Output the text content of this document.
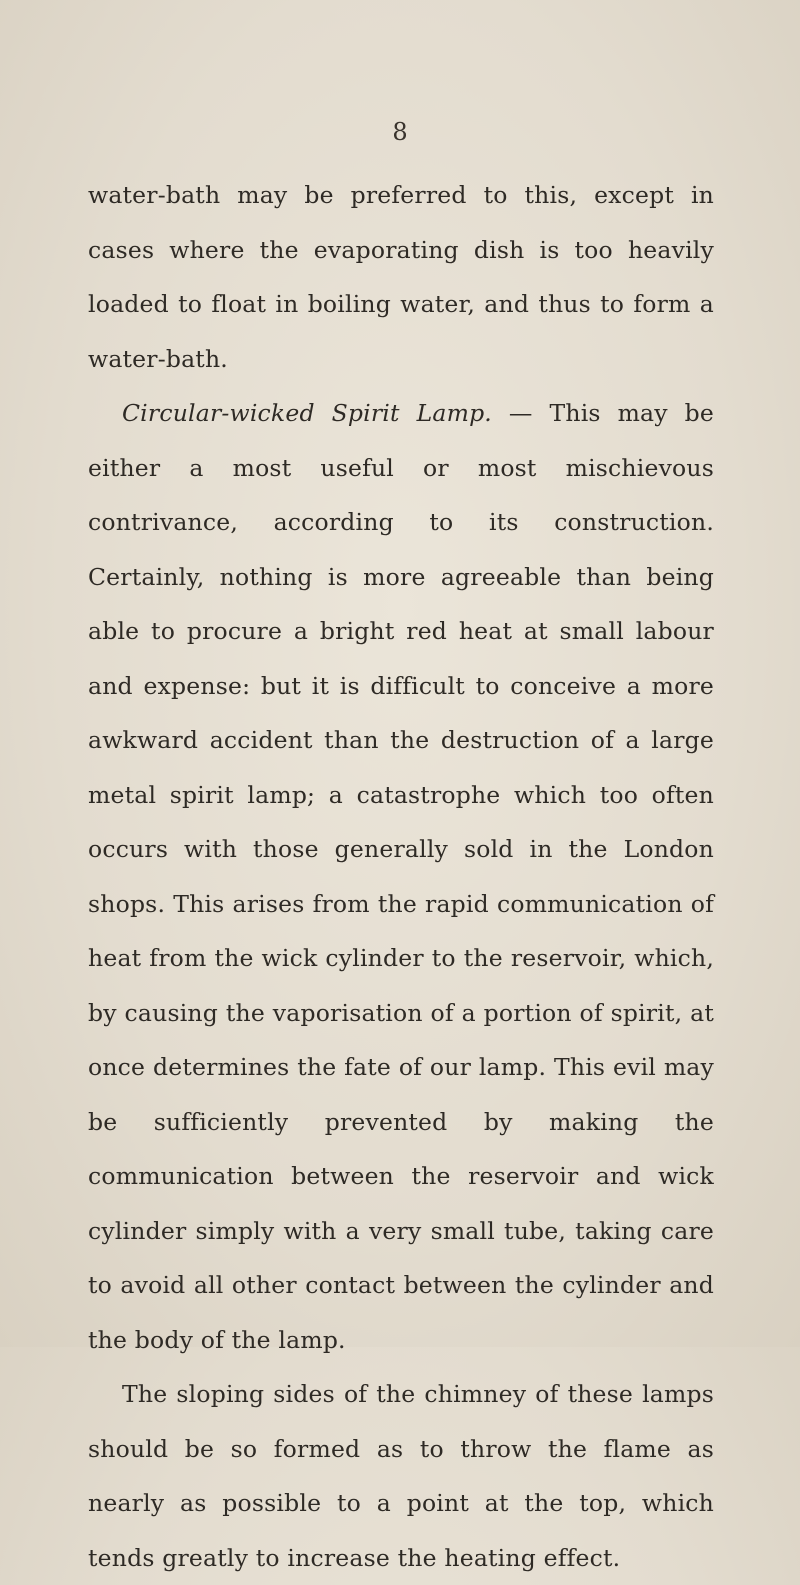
8

water-bath may be preferred to this, except in cases where the evaporating dish is too heavily loaded to float in boiling water, and thus to form a water-bath.

Circular-wicked Spirit Lamp. — This may be either a most useful or most mischievous contrivance, according to its construction. Certainly, nothing is more agreeable than being able to procure a bright red heat at small labour and expense: but it is difficult to conceive a more awkward accident than the destruction of a large metal spirit lamp; a catastrophe which too often occurs with those generally sold in the London shops. This arises from the rapid communication of heat from the wick cylinder to the reservoir, which, by causing the vaporisation of a portion of spirit, at once determines the fate of our lamp. This evil may be sufficiently prevented by making the communication between the reservoir and wick cylinder simply with a very small tube, taking care to avoid all other contact between the cylinder and the body of the lamp.

The sloping sides of the chimney of these lamps should be so formed as to throw the flame as nearly as possible to a point at the top, which tends greatly to increase the heating effect.
